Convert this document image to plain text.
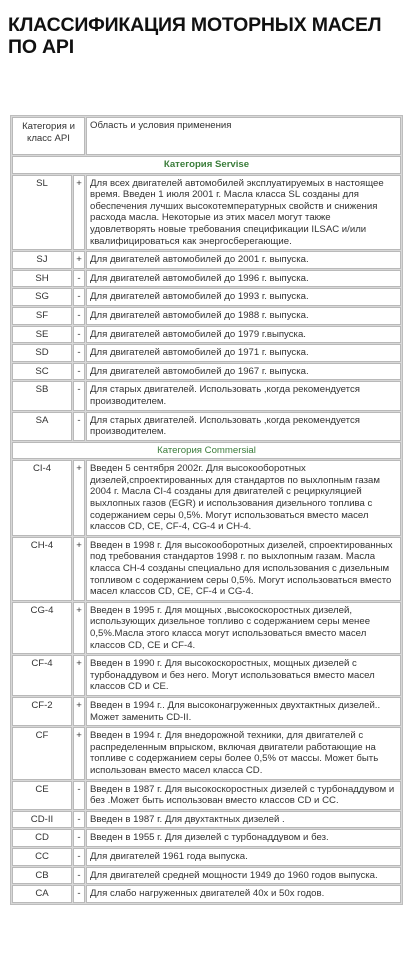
КЛАССИФИКАЦИЯ МОТОРНЫХ МАСЕЛ ПО API
Категория и класс API		Область и условия применения
Категория Servise		
SL	+	Для всех двигателей автомобилей эксплуатируемых в настоящее время. Введен 1 июля 2001 г. Масла класса SL созданы для обеспечения лучших высокотемпературных свойств и снижения расхода масла. Некоторые из этих масел могут также удовлетворять новые требования спецификации ILSAC и/или квалифицироваться как энергосберегающие.
SJ	+	Для двигателей автомобилей до 2001 г. выпуска.
SH	-	Для двигателей автомобилей до 1996 г. выпуска.
SG	-	Для двигателей автомобилей до 1993 г. выпуска.
SF	-	Для двигателей автомобилей до 1988 г. выпуска.
SE	-	Для двигателей автомобилей до 1979 г.выпуска.
SD	-	Для двигателей автомобилей до 1971 г. выпуска.
SC	-	Для двигателей автомобилей до 1967 г. выпуска.
SB	-	Для старых двигателей. Использовать ,когда рекомендуется производителем.
SA	-	Для старых двигателей. Использовать ,когда рекомендуется производителем.
Категория Commersial		
CI-4	+	Введен 5 сентября 2002г. Для высокооборотных дизелей,спроектированных для стандартов по выхлопным газам 2004 г. Масла CI-4 созданы для двигателей с рециркуляцией выхлопных газов (EGR) и использования дизельного топлива с содержанием серы 0,5%. Могут использоваться вместо масел классов CD, CE, CF-4, CG-4 и CH-4.
CH-4	+	Введен в 1998 г. Для высокооборотных дизелей, спроектированных под требования стандартов 1998 г. по выхлопным газам. Масла класса CH-4 созданы специально для использования с дизельным топливом с содержанием серы 0,5%. Могут использоваться вместо масел классов CD, CE, CF-4 и CG-4.
CG-4	+	Введен в 1995 г. Для мощных ,высокоскоростных дизелей, использующих дизельное топливо с содержанием серы менее 0,5%.Масла этого класса могут использоваться вместо масел классов CD, CE и CF-4.
CF-4	+	Введен в 1990 г. Для высокоскоростных, мощных дизелей с турбонаддувом и без него. Могут использоваться вместо масел классов CD и CE.
CF-2	+	Введен в 1994 г.. Для высоконагруженных двухтактных дизелей.. Может заменить CD-II.
CF	+	Введен в 1994 г. Для внедорожной техники, для двигателей с распределенным впрыском, включая двигатели работающие на топливе с содержанием серы более 0,5% от массы. Может быть использован вместо масел класса CD.
CE	-	Введен в 1987 г. Для высокоскоростных дизелей с турбонаддувом и без .Может быть использован вместо классов CD и CC.
CD-II	-	Введен в 1987 г. Для двухтактных дизелей .
CD	-	Введен в 1955 г. Для дизелей с турбонаддувом и без.
CC	-	Для двигателей 1961 года выпуска.
CB	-	Для двигателей средней мощности 1949 до 1960 годов выпуска.
CA	-	Для слабо нагруженных двигателей 40х и 50х годов.
